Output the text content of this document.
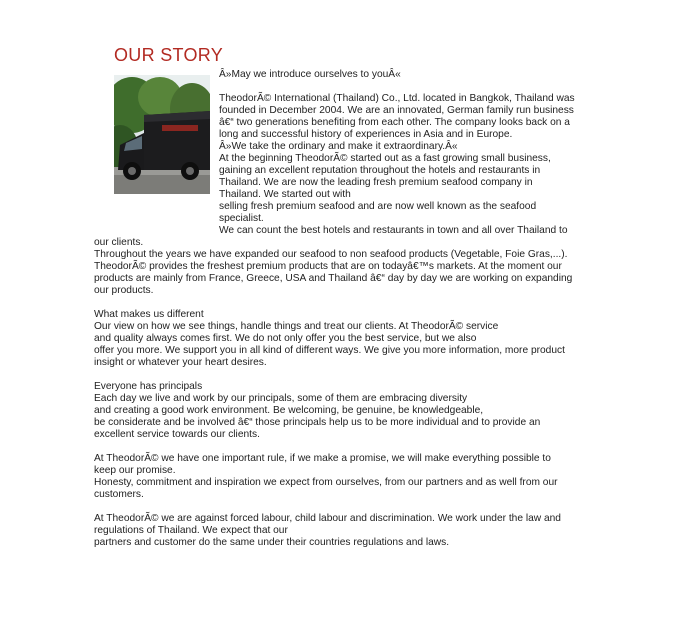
OUR STORY

Â»May we introduce ourselves to youÂ«

TheodorÃ© International (Thailand) Co., Ltd. located in Bangkok, Thailand was
founded in December 2004. We are an innovated, German family run business
â€“ two generations benefiting from each other. The company looks back on a
long and successful history of experiences in Asia and in Europe.
Â»We take the ordinary and make it extraordinary.Â«
At the beginning TheodorÃ© started out as a fast growing small business,
gaining an excellent reputation throughout the hotels and restaurants in
Thailand. We are now the leading fresh premium seafood company in
Thailand. We started out with
selling fresh premium seafood and are now well known as the seafood
specialist.
We can count the best hotels and restaurants in town and all over Thailand to
our clients.
Throughout the years we have expanded our seafood to non seafood products (Vegetable, Foie Gras,...).
TheodorÃ© provides the freshest premium products that are on todayâ€™s markets. At the moment our
products are mainly from France, Greece, USA and Thailand â€“ day by day we are working on expanding
our products.

What makes us different
Our view on how we see things, handle things and treat our clients. At TheodorÃ© service
and quality always comes first. We do not only offer you the best service, but we also
offer you more. We support you in all kind of different ways. We give you more information, more product
insight or whatever your heart desires.

Everyone has principals
Each day we live and work by our principals, some of them are embracing diversity
and creating a good work environment. Be welcoming, be genuine, be knowledgeable,
be considerate and be involved â€“ those principals help us to be more individual and to provide an
excellent service towards our clients.

At TheodorÃ© we have one important rule, if we make a promise, we will make everything possible to
keep our promise.
Honesty, commitment and inspiration we expect from ourselves, from our partners and as well from our
customers.

At TheodorÃ© we are against forced labour, child labour and discrimination. We work under the law and
regulations of Thailand. We expect that our
partners and customer do the same under their countries regulations and laws.
